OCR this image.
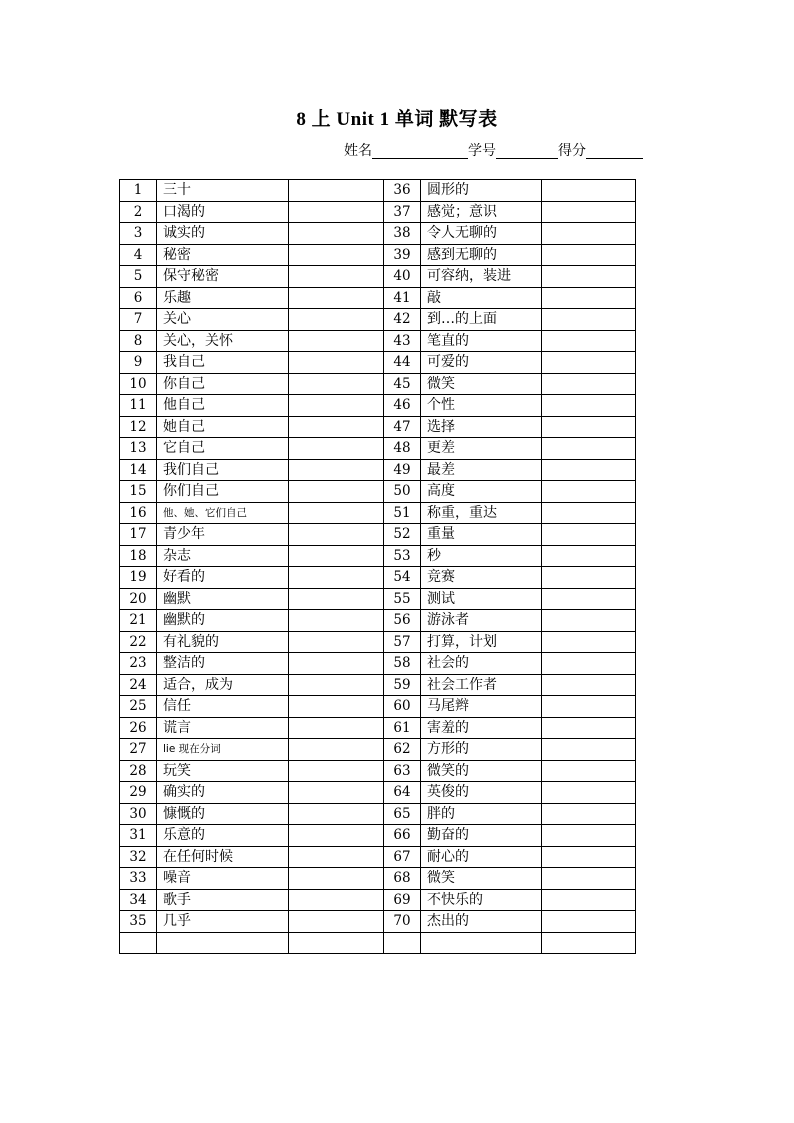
8 上 Unit 1 单词 默写表
姓名	学号	得分
1	三十		36	圆形的	
2	口渴的		37	感觉；意识	
3	诚实的		38	令人无聊的	
4	秘密		39	感到无聊的	
5	保守秘密		40	可容纳，装进	
6	乐趣		41	敲	
7	关心		42	到…的上面	
8	关心，关怀		43	笔直的	
9	我自己		44	可爱的	
10	你自己		45	微笑	
11	他自己		46	个性	
12	她自己		47	选择	
13	它自己		48	更差	
14	我们自己		49	最差	
15	你们自己		50	高度	
16	他、她、它们自己		51	称重，重达	
17	青少年		52	重量	
18	杂志		53	秒	
19	好看的		54	竞赛	
20	幽默		55	测试	
21	幽默的		56	游泳者	
22	有礼貌的		57	打算，计划	
23	整洁的		58	社会的	
24	适合，成为		59	社会工作者	
25	信任		60	马尾辫	
26	谎言		61	害羞的	
27	lie 现在分词		62	方形的	
28	玩笑		63	微笑的	
29	确实的		64	英俊的	
30	慷慨的		65	胖的	
31	乐意的		66	勤奋的	
32	在任何时候		67	耐心的	
33	噪音		68	微笑	
34	歌手		69	不快乐的	
35	几乎		70	杰出的	
